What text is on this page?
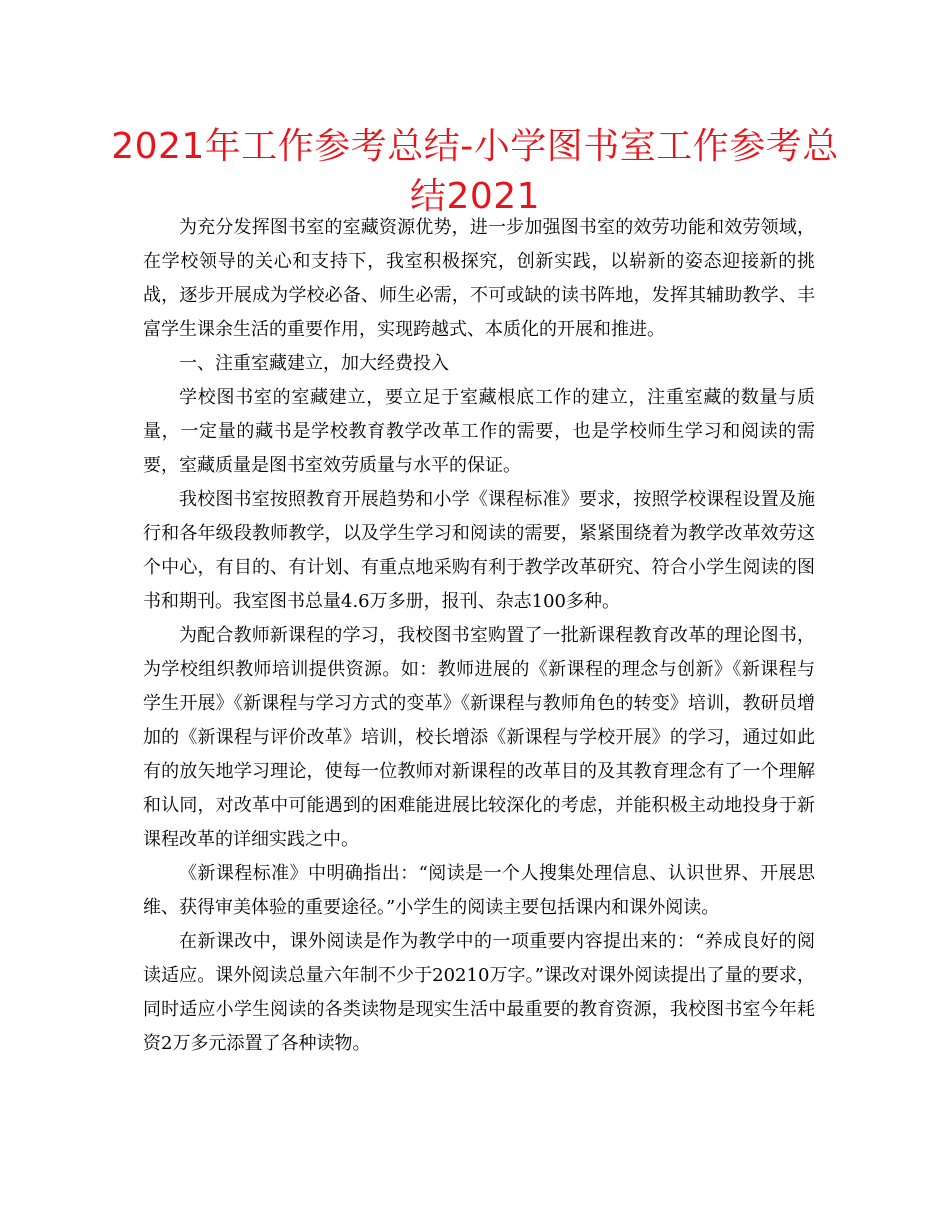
2021年工作参考总结-小学图书室工作参考总结2021

为充分发挥图书室的室藏资源优势，进一步加强图书室的效劳功能和效劳领域，在学校领导的关心和支持下，我室积极探究，创新实践，以崭新的姿态迎接新的挑战，逐步开展成为学校必备、师生必需，不可或缺的读书阵地，发挥其辅助教学、丰富学生课余生活的重要作用，实现跨越式、本质化的开展和推进。

一、注重室藏建立，加大经费投入

学校图书室的室藏建立，要立足于室藏根底工作的建立，注重室藏的数量与质量，一定量的藏书是学校教育教学改革工作的需要，也是学校师生学习和阅读的需要，室藏质量是图书室效劳质量与水平的保证。

我校图书室按照教育开展趋势和小学《课程标准》要求，按照学校课程设置及施行和各年级段教师教学，以及学生学习和阅读的需要，紧紧围绕着为教学改革效劳这个中心，有目的、有计划、有重点地采购有利于教学改革研究、符合小学生阅读的图书和期刊。我室图书总量4.6万多册，报刊、杂志100多种。

为配合教师新课程的学习，我校图书室购置了一批新课程教育改革的理论图书，为学校组织教师培训提供资源。如：教师进展的《新课程的理念与创新》《新课程与学生开展》《新课程与学习方式的变革》《新课程与教师角色的转变》培训，教研员增加的《新课程与评价改革》培训，校长增添《新课程与学校开展》的学习，通过如此有的放矢地学习理论，使每一位教师对新课程的改革目的及其教育理念有了一个理解和认同，对改革中可能遇到的困难能进展比较深化的考虑，并能积极主动地投身于新课程改革的详细实践之中。

《新课程标准》中明确指出：“阅读是一个人搜集处理信息、认识世界、开展思维、获得审美体验的重要途径。”小学生的阅读主要包括课内和课外阅读。

在新课改中，课外阅读是作为教学中的一项重要内容提出来的：“养成良好的阅读适应。课外阅读总量六年制不少于20210万字。”课改对课外阅读提出了量的要求，同时适应小学生阅读的各类读物是现实生活中最重要的教育资源，我校图书室今年耗资2万多元添置了各种读物。
